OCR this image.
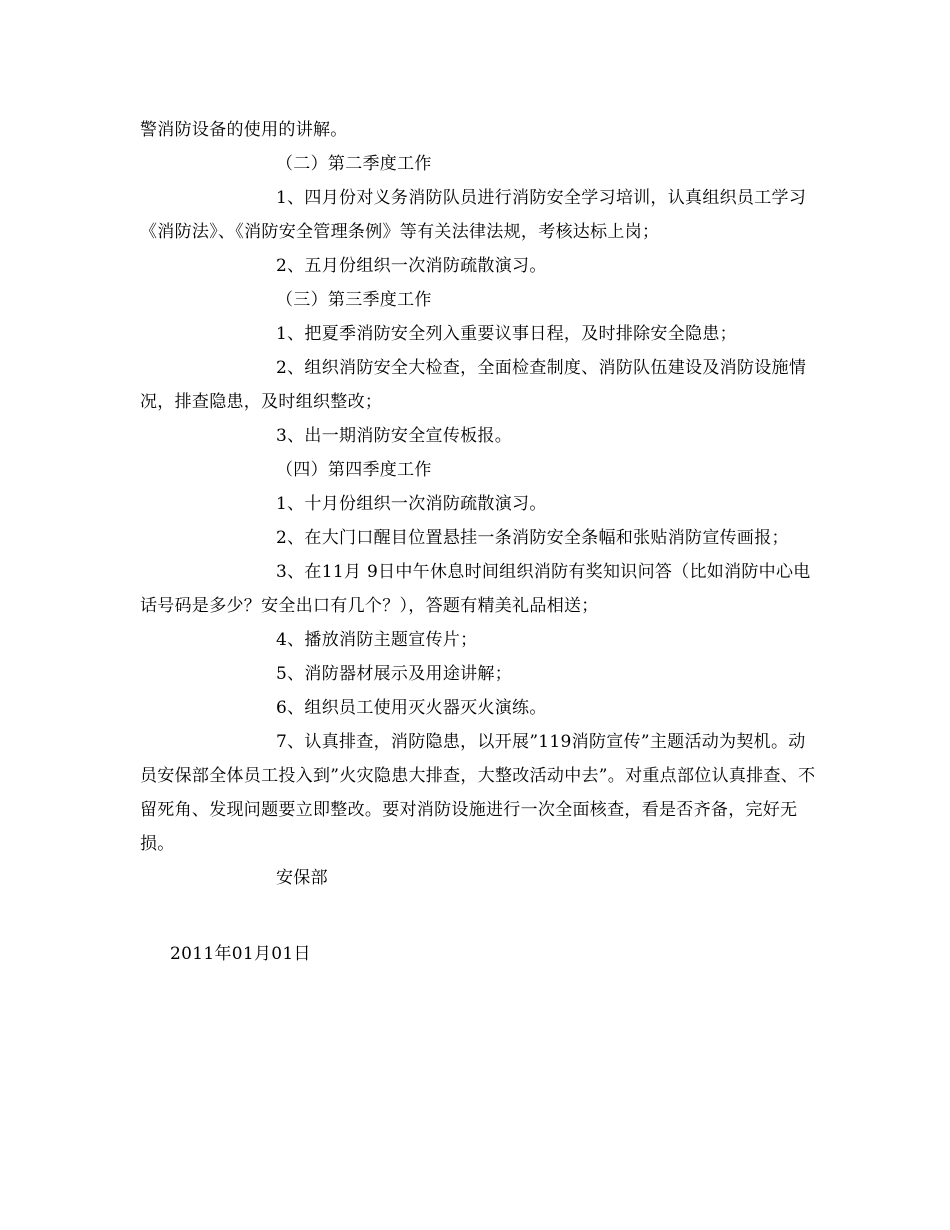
警消防设备的使用的讲解。

（二）第二季度工作

1、四月份对义务消防队员进行消防安全学习培训，认真组织员工学习《消防法》、《消防安全管理条例》等有关法律法规，考核达标上岗；

2、五月份组织一次消防疏散演习。

（三）第三季度工作

1、把夏季消防安全列入重要议事日程，及时排除安全隐患；

2、组织消防安全大检查，全面检查制度、消防队伍建设及消防设施情况，排查隐患，及时组织整改；

3、出一期消防安全宣传板报。

（四）第四季度工作

1、十月份组织一次消防疏散演习。

2、在大门口醒目位置悬挂一条消防安全条幅和张贴消防宣传画报；

3、在11月 9日中午休息时间组织消防有奖知识问答（比如消防中心电话号码是多少？安全出口有几个？），答题有精美礼品相送；

4、播放消防主题宣传片；

5、消防器材展示及用途讲解；

6、组织员工使用灭火器灭火演练。

7、认真排查，消防隐患，以开展”119消防宣传”主题活动为契机。动员安保部全体员工投入到”火灾隐患大排查，大整改活动中去”。对重点部位认真排查、不留死角、发现问题要立即整改。要对消防设施进行一次全面核查，看是否齐备，完好无损。

安保部

2011年01月01日
